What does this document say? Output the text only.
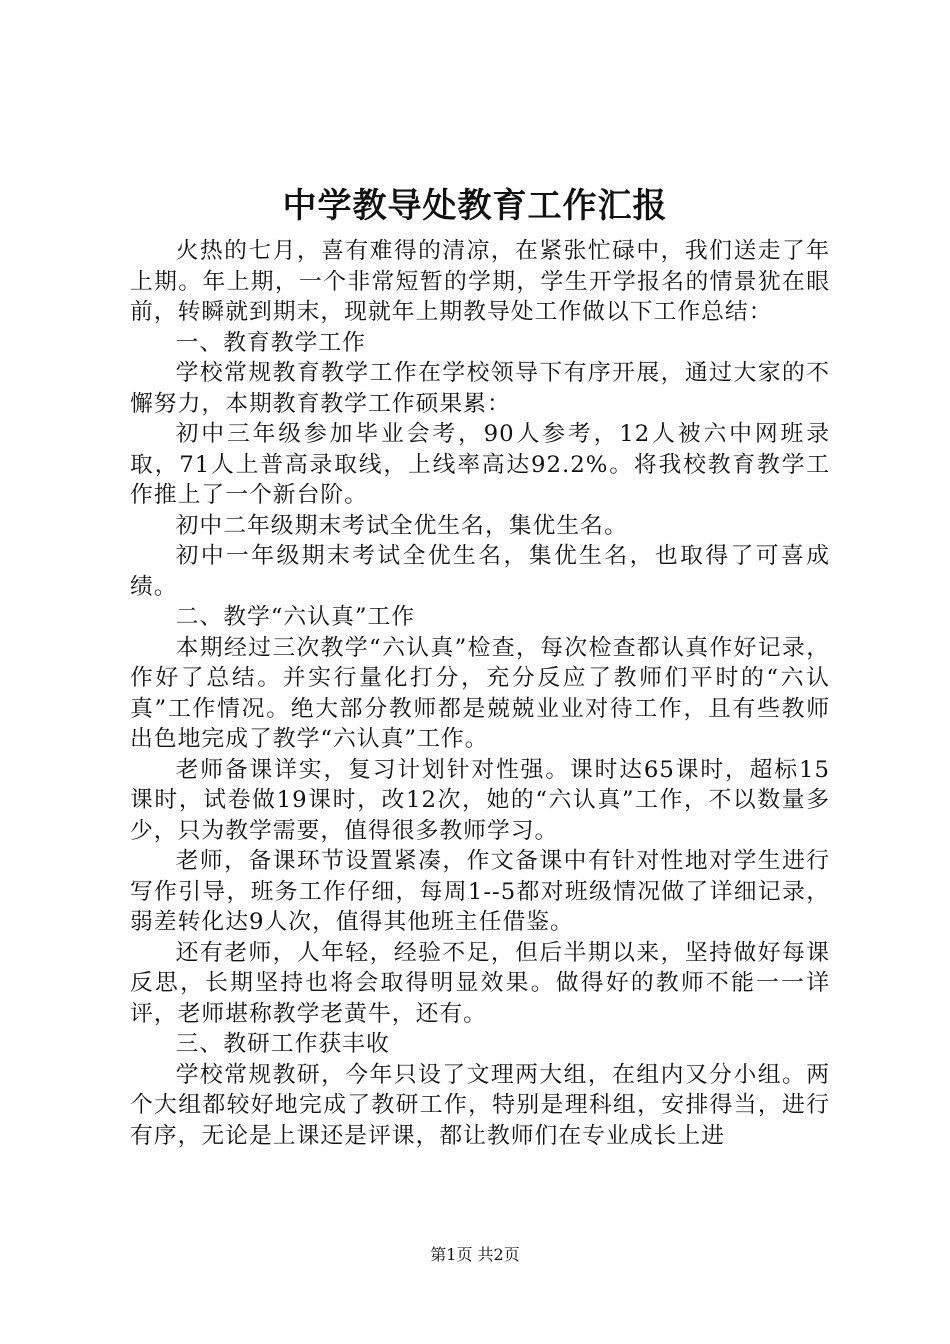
中学教导处教育工作汇报

火热的七月，喜有难得的清凉，在紧张忙碌中，我们送走了年上期。年上期，一个非常短暂的学期，学生开学报名的情景犹在眼前，转瞬就到期末，现就年上期教导处工作做以下工作总结：

一、教育教学工作

学校常规教育教学工作在学校领导下有序开展，通过大家的不懈努力，本期教育教学工作硕果累：

初中三年级参加毕业会考，90人参考，12人被六中网班录取，71人上普高录取线，上线率高达92.2%。将我校教育教学工作推上了一个新台阶。

初中二年级期末考试全优生名，集优生名。

初中一年级期末考试全优生名，集优生名，也取得了可喜成绩。

二、教学“六认真”工作

本期经过三次教学“六认真”检查，每次检查都认真作好记录，作好了总结。并实行量化打分，充分反应了教师们平时的“六认真”工作情况。绝大部分教师都是兢兢业业对待工作，且有些教师出色地完成了教学“六认真”工作。

老师备课详实，复习计划针对性强。课时达65课时，超标15课时，试卷做19课时，改12次，她的“六认真”工作，不以数量多少，只为教学需要，值得很多教师学习。

老师，备课环节设置紧凑，作文备课中有针对性地对学生进行写作引导，班务工作仔细，每周1--5都对班级情况做了详细记录，弱差转化达9人次，值得其他班主任借鉴。

还有老师，人年轻，经验不足，但后半期以来，坚持做好每课反思，长期坚持也将会取得明显效果。做得好的教师不能一一详评，老师堪称教学老黄牛，还有。

三、教研工作获丰收

学校常规教研，今年只设了文理两大组，在组内又分小组。两个大组都较好地完成了教研工作，特别是理科组，安排得当，进行有序，无论是上课还是评课，都让教师们在专业成长上进

第1页 共2页
